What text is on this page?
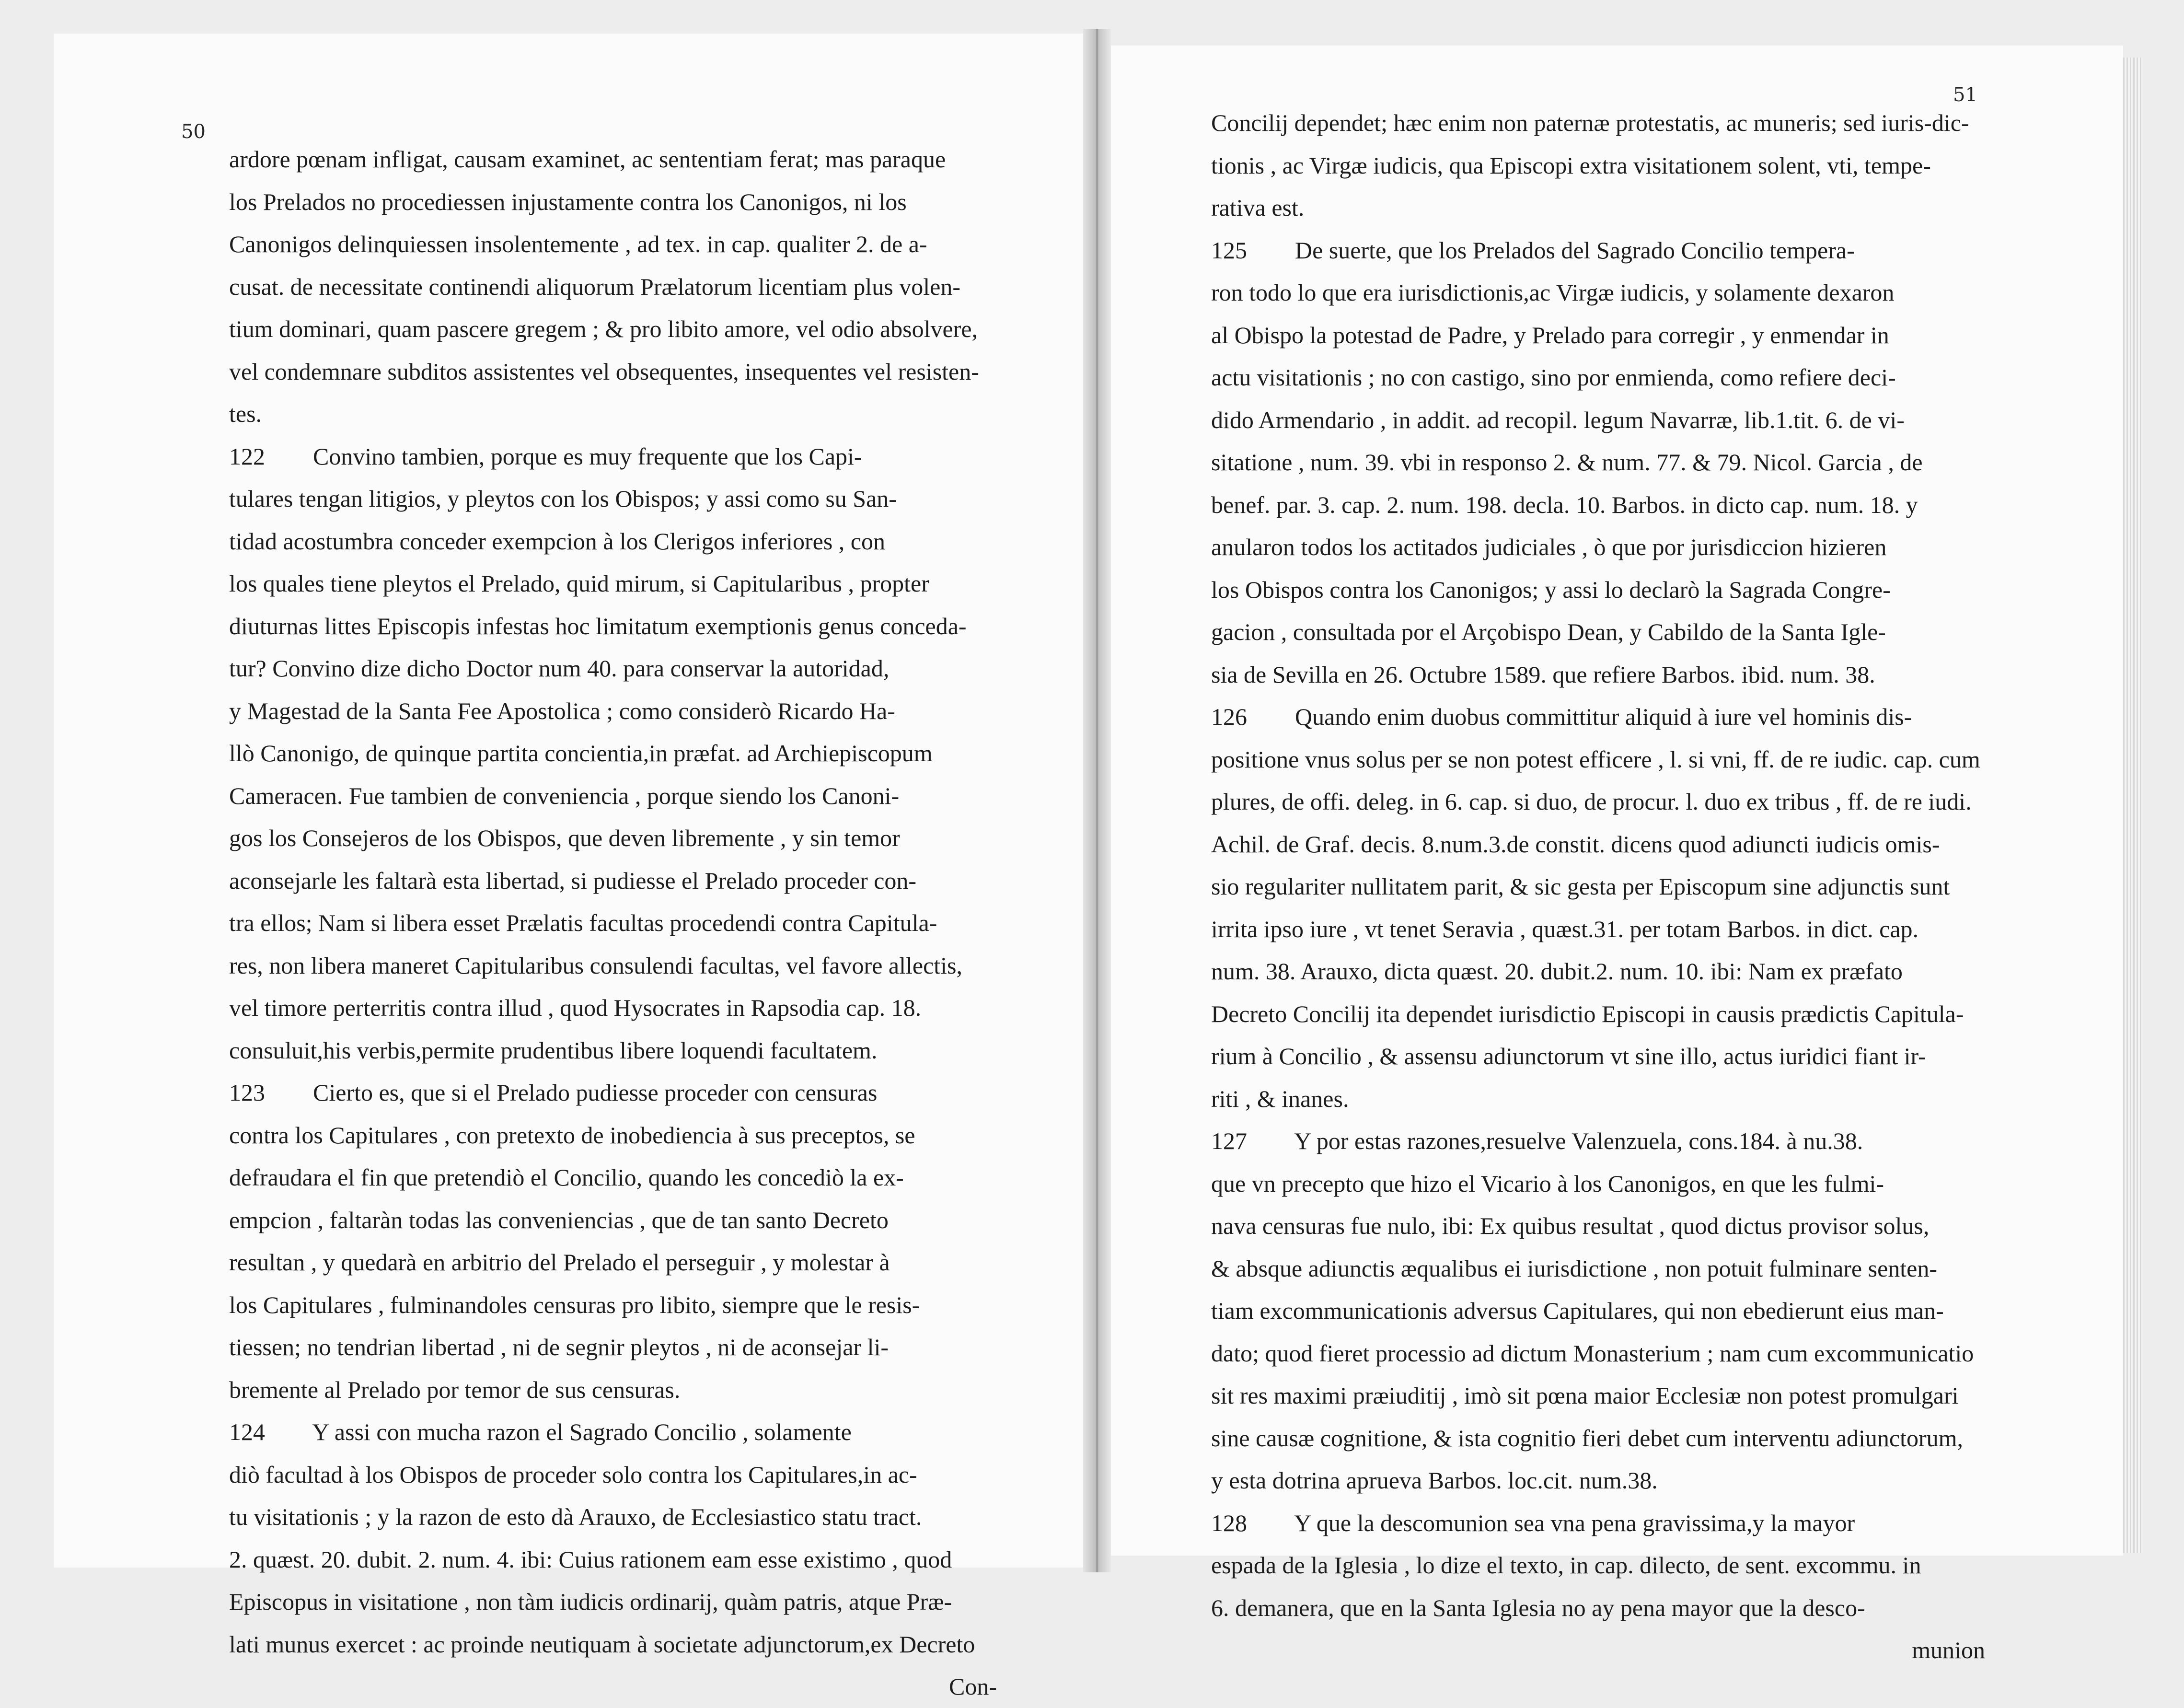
50
51
ardore pœnam infligat, causam examinet, ac sententiam ferat; mas paraque
los Prelados no procediessen injustamente contra los Canonigos, ni los
Canonigos delinquiessen insolentemente , ad tex. in cap. qualiter 2. de a-
cusat. de necessitate continendi aliquorum Prælatorum licentiam plus volen-
tium dominari, quam pascere gregem ; & pro libito amore, vel odio absolvere,
vel condemnare subditos assistentes vel obsequentes, insequentes vel resisten-
tes.
122        Convino tambien, porque es muy frequente que los Capi-
tulares tengan litigios, y pleytos con los Obispos; y assi como su San-
tidad acostumbra conceder exempcion à los Clerigos inferiores , con
los quales tiene pleytos el Prelado, quid mirum, si Capitularibus , propter
diuturnas littes Episcopis infestas hoc limitatum exemptionis genus conceda-
tur? Convino dize dicho Doctor num 40. para conservar la autoridad,
y Magestad de la Santa Fee Apostolica ; como considerò Ricardo Ha-
llò Canonigo, de quinque partita concientia,in præfat. ad Archiepiscopum
Cameracen. Fue tambien de conveniencia , porque siendo los Canoni-
gos los Consejeros de los Obispos, que deven libremente , y sin temor
aconsejarle les faltarà esta libertad, si pudiesse el Prelado proceder con-
tra ellos; Nam si libera esset Prælatis facultas procedendi contra Capitula-
res, non libera maneret Capitularibus consulendi facultas, vel favore allectis,
vel timore perterritis contra illud , quod Hysocrates in Rapsodia cap. 18.
consuluit,his verbis,permite prudentibus libere loquendi facultatem.
123        Cierto es, que si el Prelado pudiesse proceder con censuras
contra los Capitulares , con pretexto de inobediencia à sus preceptos, se
defraudara el fin que pretendiò el Concilio, quando les concediò la ex-
empcion , faltaràn todas las conveniencias , que de tan santo Decreto
resultan , y quedarà en arbitrio del Prelado el perseguir , y molestar à
los Capitulares , fulminandoles censuras pro libito, siempre que le resis-
tiessen; no tendrian libertad , ni de segnir pleytos , ni de aconsejar li-
bremente al Prelado por temor de sus censuras.
124        Y assi con mucha razon el Sagrado Concilio , solamente
diò facultad à los Obispos de proceder solo contra los Capitulares,in ac-
tu visitationis ; y la razon de esto dà Arauxo, de Ecclesiastico statu tract.
2. quæst. 20. dubit. 2. num. 4. ibi: Cuius rationem eam esse existimo , quod
Episcopus in visitatione , non tàm iudicis ordinarij, quàm patris, atque Præ-
lati munus exercet : ac proinde neutiquam à societate adjunctorum,ex Decreto
Con-
Concilij dependet; hæc enim non paternæ protestatis, ac muneris; sed iuris-dic-
tionis , ac Virgæ iudicis, qua Episcopi extra visitationem solent, vti, tempe-
rativa est.
125        De suerte, que los Prelados del Sagrado Concilio tempera-
ron todo lo que era iurisdictionis,ac Virgæ iudicis, y solamente dexaron
al Obispo la potestad de Padre, y Prelado para corregir , y enmendar in
actu visitationis ; no con castigo, sino por enmienda, como refiere deci-
dido Armendario , in addit. ad recopil. legum Navarræ, lib.1.tit. 6. de vi-
sitatione , num. 39. vbi in responso 2. & num. 77. & 79. Nicol. Garcia , de
benef. par. 3. cap. 2. num. 198. decla. 10. Barbos. in dicto cap. num. 18. y
anularon todos los actitados judiciales , ò que por jurisdiccion hizieren
los Obispos contra los Canonigos; y assi lo declarò la Sagrada Congre-
gacion , consultada por el Arçobispo Dean, y Cabildo de la Santa Igle-
sia de Sevilla en 26. Octubre 1589. que refiere Barbos. ibid. num. 38.
126        Quando enim duobus committitur aliquid à iure vel hominis dis-
positione vnus solus per se non potest efficere , l. si vni, ff. de re iudic. cap. cum
plures, de offi. deleg. in 6. cap. si duo, de procur. l. duo ex tribus , ff. de re iudi.
Achil. de Graf. decis. 8.num.3.de constit. dicens quod adiuncti iudicis omis-
sio regulariter nullitatem parit, & sic gesta per Episcopum sine adjunctis sunt
irrita ipso iure , vt tenet Seravia , quæst.31. per totam Barbos. in dict. cap.
num. 38. Arauxo, dicta quæst. 20. dubit.2. num. 10. ibi: Nam ex præfato
Decreto Concilij ita dependet iurisdictio Episcopi in causis prædictis Capitula-
rium à Concilio , & assensu adiunctorum vt sine illo, actus iuridici fiant ir-
riti , & inanes.
127        Y por estas razones,resuelve Valenzuela, cons.184. à nu.38.
que vn precepto que hizo el Vicario à los Canonigos, en que les fulmi-
nava censuras fue nulo, ibi: Ex quibus resultat , quod dictus provisor solus,
& absque adiunctis æqualibus ei iurisdictione , non potuit fulminare senten-
tiam excommunicationis adversus Capitulares, qui non ebedierunt eius man-
dato; quod fieret processio ad dictum Monasterium ; nam cum excommunicatio
sit res maximi præiuditij , imò sit pœna maior Ecclesiæ non potest promulgari
sine causæ cognitione, & ista cognitio fieri debet cum interventu adiunctorum,
y esta dotrina aprueva Barbos. loc.cit. num.38.
128        Y que la descomunion sea vna pena gravissima,y la mayor
espada de la Iglesia , lo dize el texto, in cap. dilecto, de sent. excommu. in
6. demanera, que en la Santa Iglesia no ay pena mayor que la desco-
munion
